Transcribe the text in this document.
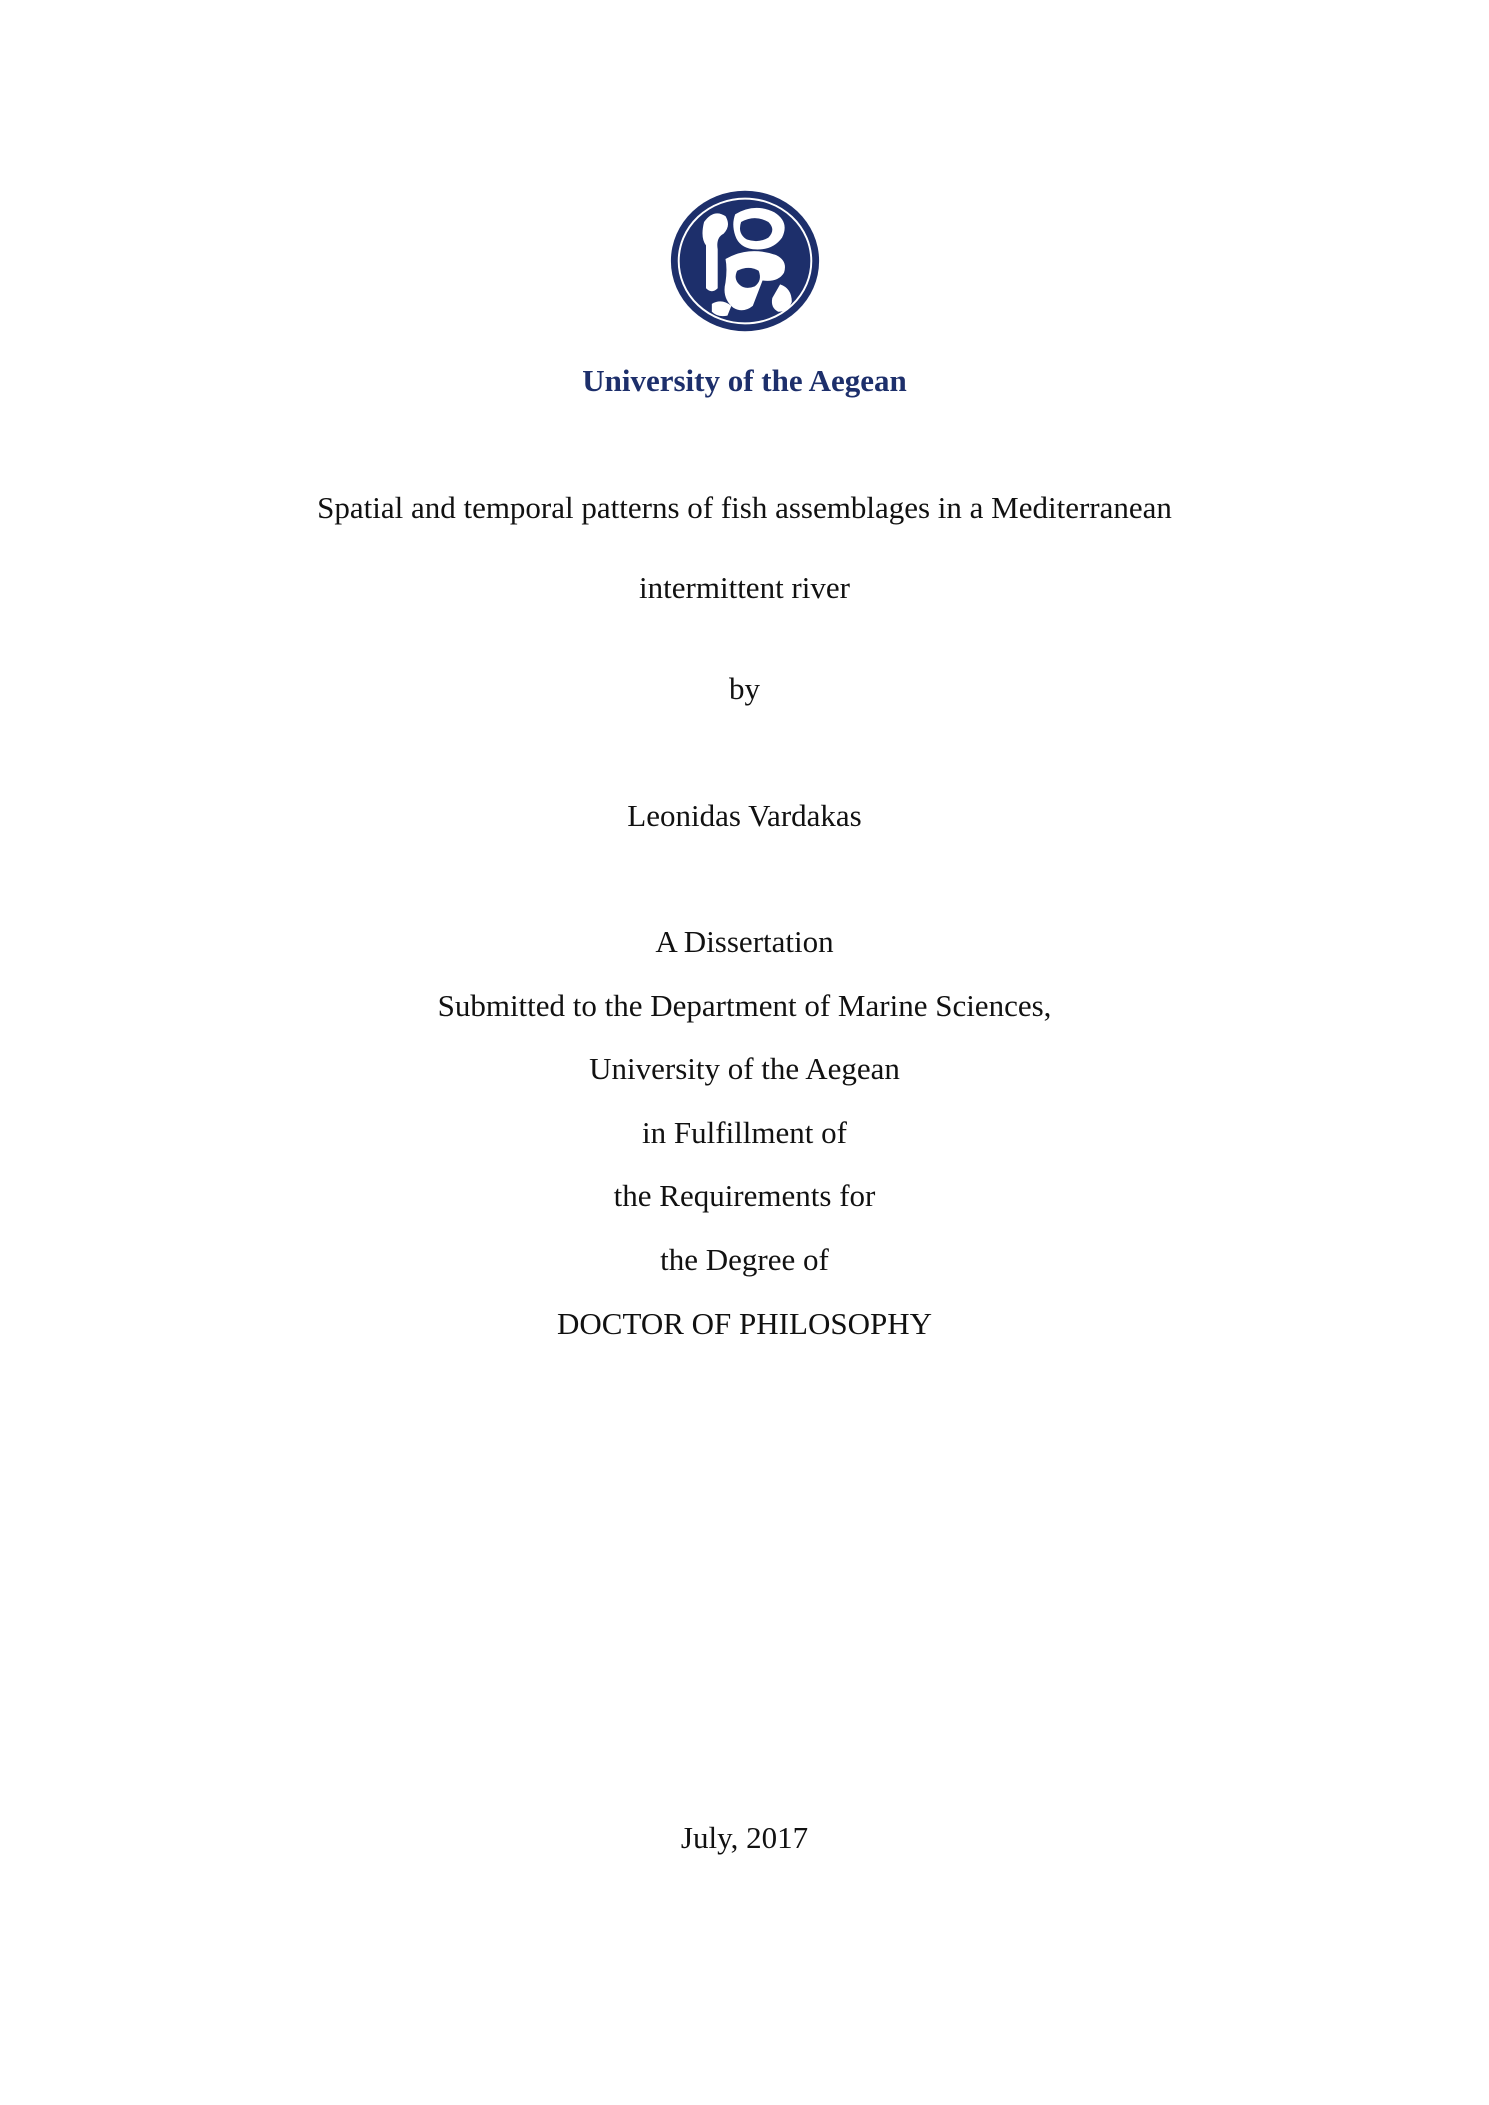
University of the Aegean
Spatial and temporal patterns of fish assemblages in a Mediterranean
intermittent river
by
Leonidas Vardakas
A Dissertation
Submitted to the Department of Marine Sciences,
University of the Aegean
in Fulfillment of
the Requirements for
the Degree of
DOCTOR OF PHILOSOPHY
July, 2017
